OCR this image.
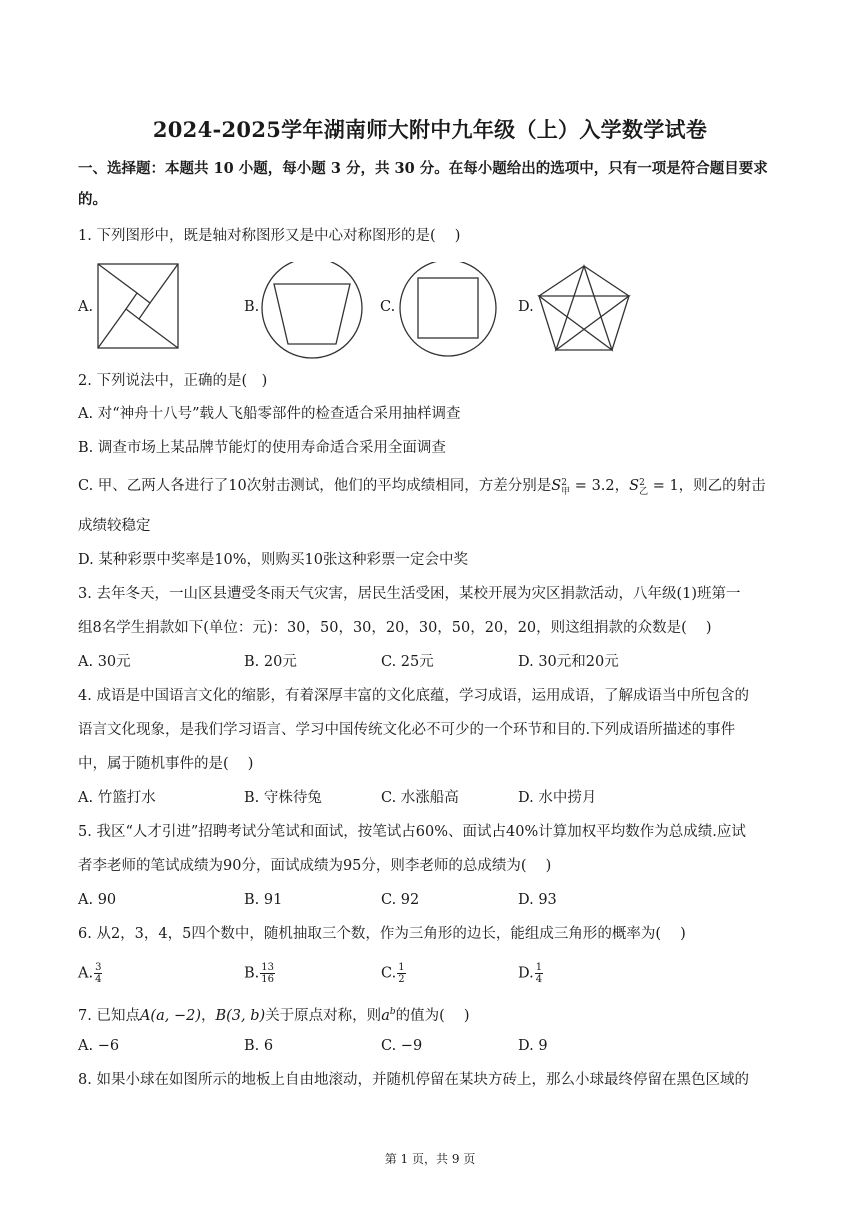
2024-2025学年湖南师大附中九年级（上）入学数学试卷
一、选择题：本题共 10 小题，每小题 3 分，共 30 分。在每小题给出的选项中，只有一项是符合题目要求
的。
1. 下列图形中，既是轴对称图形又是中心对称图形的是(　 )
A.	B.	C.	D.
2. 下列说法中，正确的是(　)
A. 对“神舟十八号”载人飞船零部件的检查适合采用抽样调查
B. 调查市场上某品牌节能灯的使用寿命适合采用全面调查
C. 甲、乙两人各进行了10次射击测试，他们的平均成绩相同，方差分别是S 2
甲 = 3.2，S 2
乙 = 1，则乙的射击
成绩较稳定
D. 某种彩票中奖率是10%，则购买10张这种彩票一定会中奖
3. 去年冬天，一山区县遭受冬雨天气灾害，居民生活受困，某校开展为灾区捐款活动，八年级(1)班第一
组8名学生捐款如下(单位：元)：30，50，30，20，30，50，20，20，则这组捐款的众数是(　 )
A. 30元	B. 20元	C. 25元	D. 30元和20元
4. 成语是中国语言文化的缩影，有着深厚丰富的文化底蕴，学习成语，运用成语，了解成语当中所包含的
语言文化现象，是我们学习语言、学习中国传统文化必不可少的一个环节和目的.下列成语所描述的事件
中，属于随机事件的是(　 )
A. 竹篮打水	B. 守株待兔	C. 水涨船高	D. 水中捞月
5. 我区“人才引进”招聘考试分笔试和面试，按笔试占60%、面试占40%计算加权平均数作为总成绩.应试
者李老师的笔试成绩为90分，面试成绩为95分，则李老师的总成绩为(　 )
A. 90	B. 91	C. 92	D. 93
6. 从2，3，4，5四个数中，随机抽取三个数，作为三角形的边长，能组成三角形的概率为(　 )
A. $\frac{3}{4}$	B. $\frac{13}{16}$	C. $\frac{1}{2}$	D. $\frac{1}{4}$
7. 已知点A(a, −2)，B(3, b)关于原点对称，则$a^b$的值为(　 )
A. −6	B. 6	C. −9	D. 9
8. 如果小球在如图所示的地板上自由地滚动，并随机停留在某块方砖上，那么小球最终停留在黑色区域的
第 1 页，共 9 页
